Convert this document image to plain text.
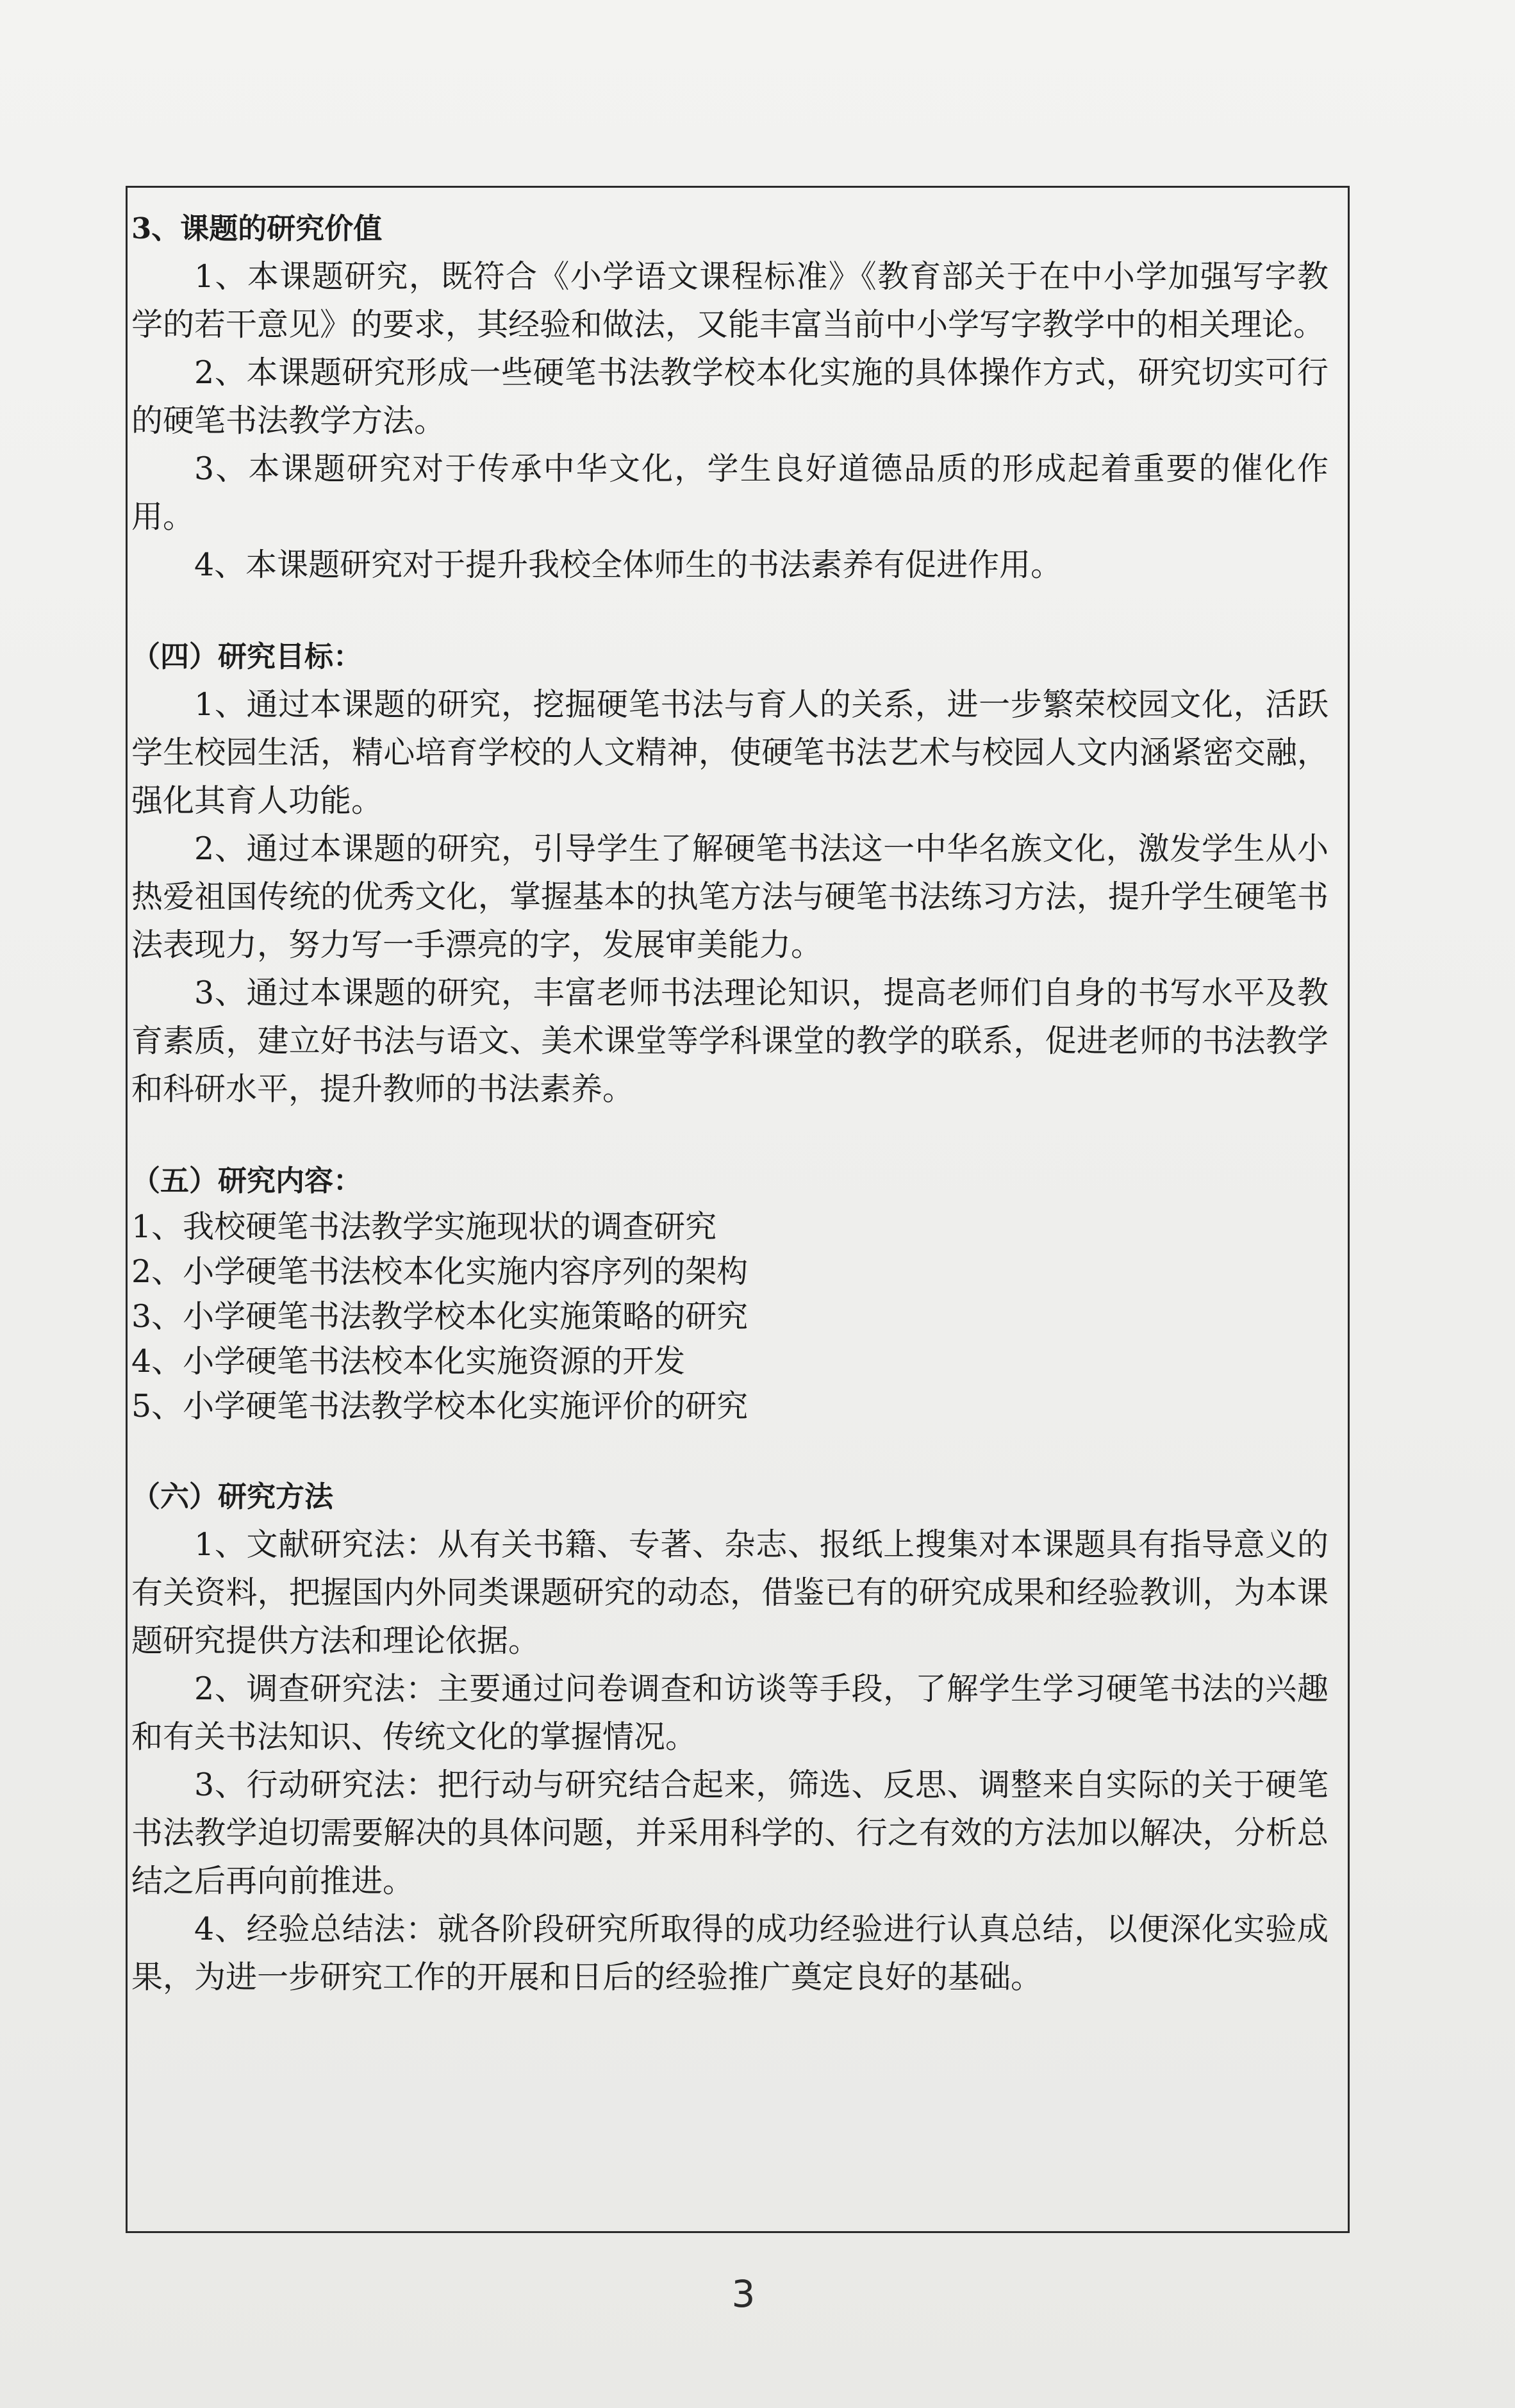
3、课题的研究价值

1、本课题研究，既符合《小学语文课程标准》《教育部关于在中小学加强写字教学的若干意见》的要求，其经验和做法，又能丰富当前中小学写字教学中的相关理论。

2、本课题研究形成一些硬笔书法教学校本化实施的具体操作方式，研究切实可行的硬笔书法教学方法。

3、本课题研究对于传承中华文化，学生良好道德品质的形成起着重要的催化作用。

4、本课题研究对于提升我校全体师生的书法素养有促进作用。

（四）研究目标：

1、通过本课题的研究，挖掘硬笔书法与育人的关系，进一步繁荣校园文化，活跃学生校园生活，精心培育学校的人文精神，使硬笔书法艺术与校园人文内涵紧密交融，强化其育人功能。

2、通过本课题的研究，引导学生了解硬笔书法这一中华名族文化，激发学生从小热爱祖国传统的优秀文化，掌握基本的执笔方法与硬笔书法练习方法，提升学生硬笔书法表现力，努力写一手漂亮的字，发展审美能力。

3、通过本课题的研究，丰富老师书法理论知识，提高老师们自身的书写水平及教育素质，建立好书法与语文、美术课堂等学科课堂的教学的联系，促进老师的书法教学和科研水平，提升教师的书法素养。

（五）研究内容：

1、我校硬笔书法教学实施现状的调查研究

2、小学硬笔书法校本化实施内容序列的架构

3、小学硬笔书法教学校本化实施策略的研究

4、小学硬笔书法校本化实施资源的开发

5、小学硬笔书法教学校本化实施评价的研究

（六）研究方法

1、文献研究法：从有关书籍、专著、杂志、报纸上搜集对本课题具有指导意义的有关资料，把握国内外同类课题研究的动态，借鉴已有的研究成果和经验教训，为本课题研究提供方法和理论依据。

2、调查研究法：主要通过问卷调查和访谈等手段，了解学生学习硬笔书法的兴趣和有关书法知识、传统文化的掌握情况。

3、行动研究法：把行动与研究结合起来，筛选、反思、调整来自实际的关于硬笔书法教学迫切需要解决的具体问题，并采用科学的、行之有效的方法加以解决，分析总结之后再向前推进。

4、经验总结法：就各阶段研究所取得的成功经验进行认真总结，以便深化实验成果，为进一步研究工作的开展和日后的经验推广奠定良好的基础。

3
